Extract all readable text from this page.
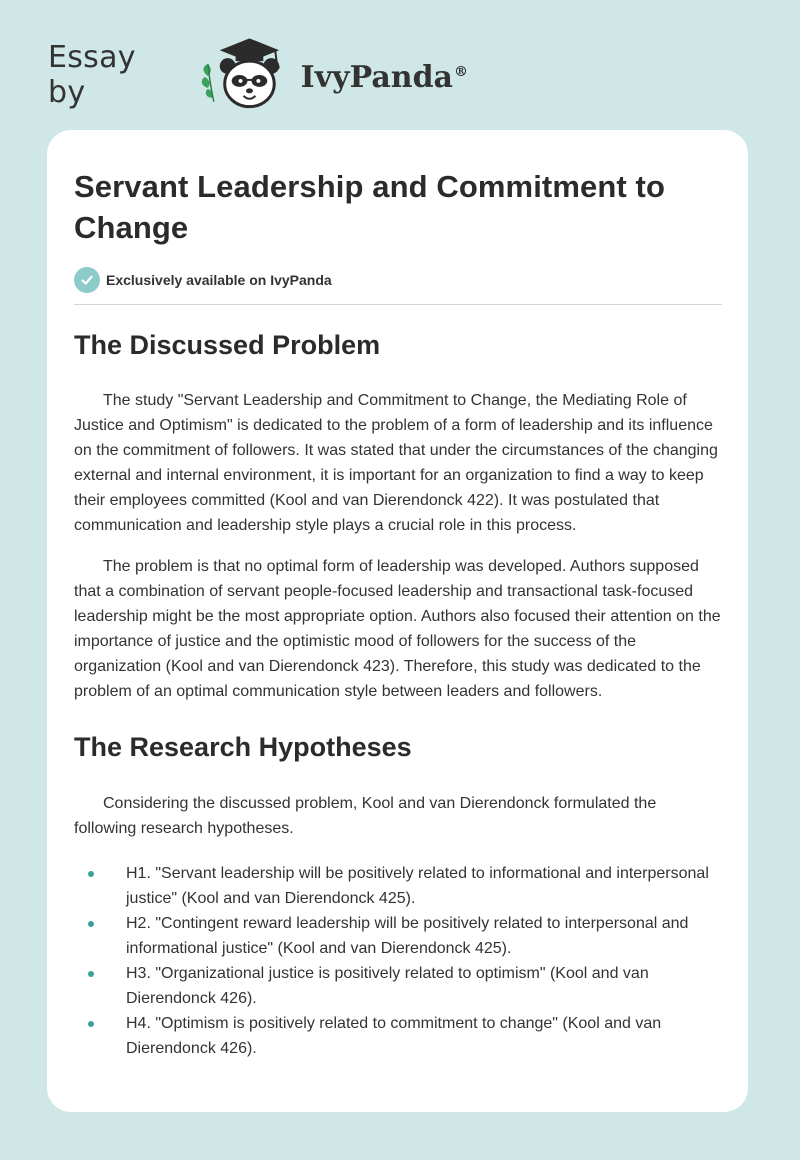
Essay by	IvyPanda®
Servant Leadership and Commitment to Change
Exclusively available on IvyPanda
The Discussed Problem

The study "Servant Leadership and Commitment to Change, the Mediating Role of Justice and Optimism" is dedicated to the problem of a form of leadership and its influence on the commitment of followers. It was stated that under the circumstances of the changing external and internal environment, it is important for an organization to find a way to keep their employees committed (Kool and van Dierendonck 422). It was postulated that communication and leadership style plays a crucial role in this process.

The problem is that no optimal form of leadership was developed. Authors supposed that a combination of servant people-focused leadership and transactional task-focused leadership might be the most appropriate option. Authors also focused their attention on the importance of justice and the optimistic mood of followers for the success of the organization (Kool and van Dierendonck 423). Therefore, this study was dedicated to the problem of an optimal communication style between leaders and followers.

The Research Hypotheses

Considering the discussed problem, Kool and van Dierendonck formulated the following research hypotheses.

H1. "Servant leadership will be positively related to informational and interpersonal justice" (Kool and van Dierendonck 425).
H2. "Contingent reward leadership will be positively related to interpersonal and informational justice" (Kool and van Dierendonck 425).
H3. "Organizational justice is positively related to optimism" (Kool and van Dierendonck 426).
H4. "Optimism is positively related to commitment to change" (Kool and van Dierendonck 426).
